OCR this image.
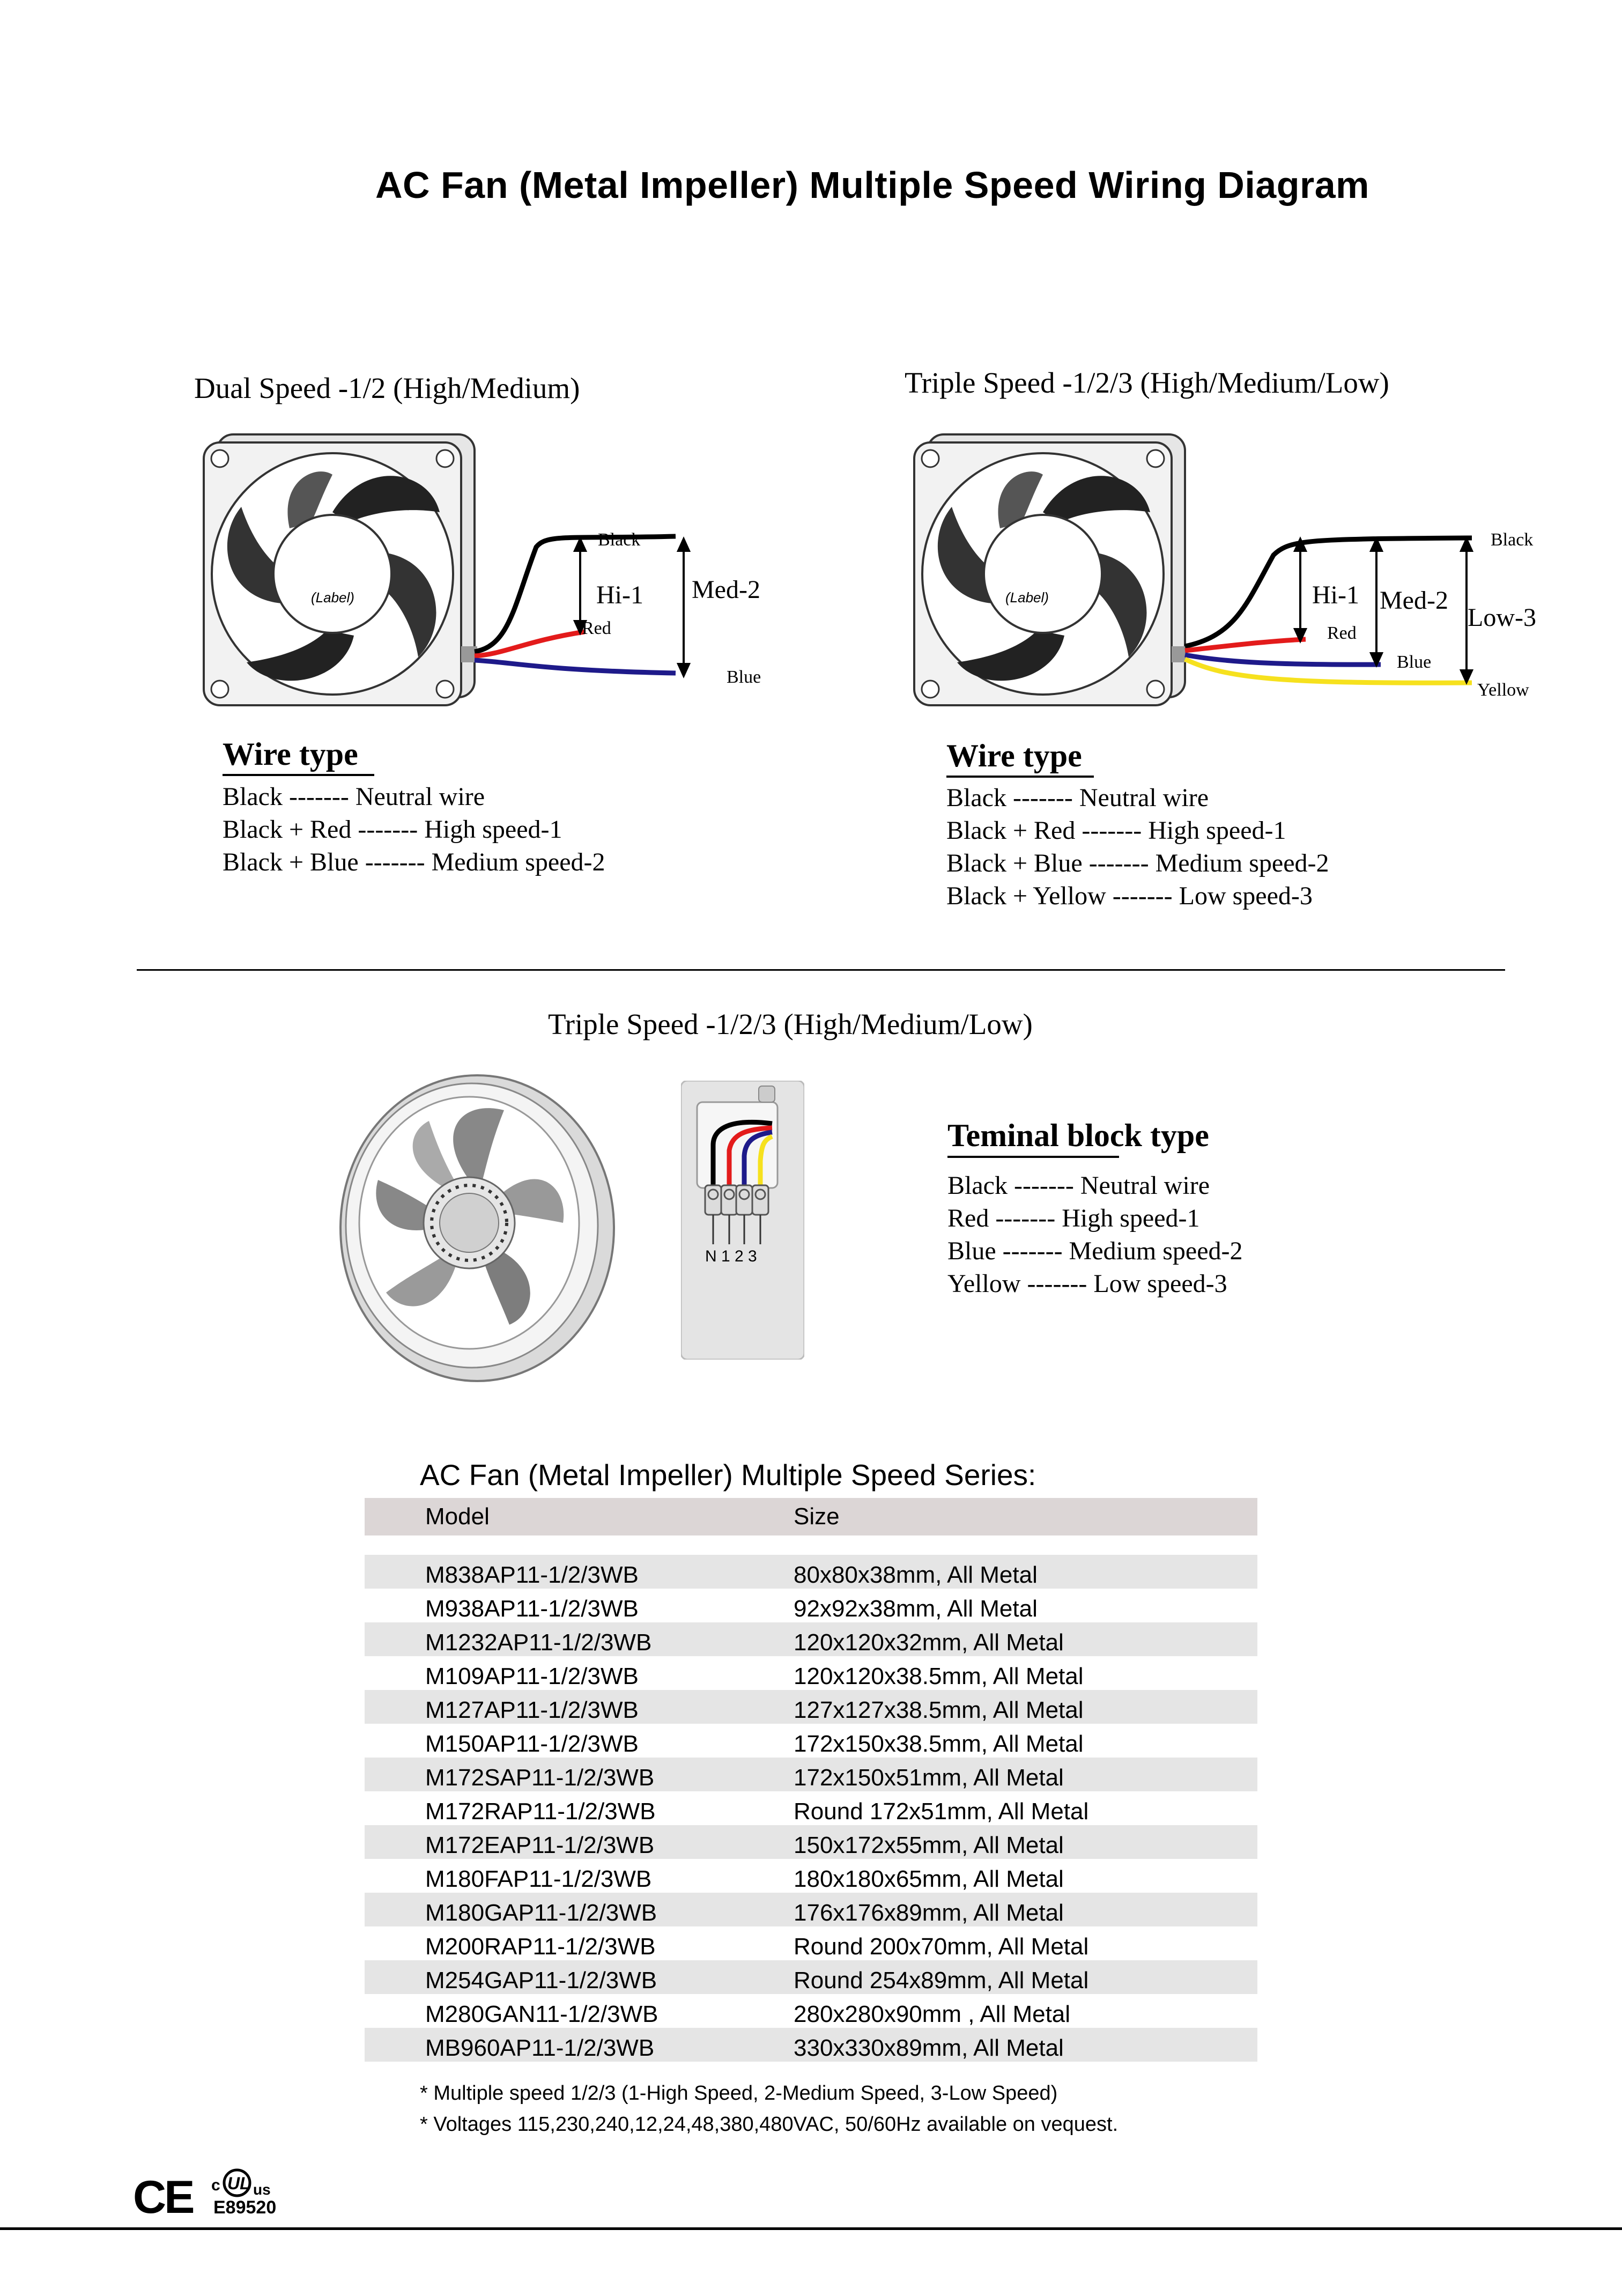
AC Fan (Metal Impeller) Multiple Speed Wiring Diagram
Dual Speed -1/2 (High/Medium)
(Label)
Black
Red
Blue
Hi-1 Med-2
Wire type
Black ------- Neutral wire
Black + Red ------- High speed-1
Black + Blue ------- Medium speed-2
Triple Speed -1/2/3 (High/Medium/Low)
(Label)
Black
Red
Blue
Yellow
Hi-1 Med-2
Low-3
Wire type
Black ------- Neutral wire
Black + Red ------- High speed-1
Black + Blue ------- Medium speed-2
Black + Yellow ------- Low speed-3
Triple Speed -1/2/3 (High/Medium/Low)
N 1 2 3
Teminal block type
Black ------- Neutral wire
Red ------- High speed-1
Blue ------- Medium speed-2
Yellow ------- Low speed-3
AC Fan (Metal Impeller) Multiple Speed Series:
Model	Size

M838AP11-1/2/3WB	80x80x38mm, All Metal
M938AP11-1/2/3WB	92x92x38mm, All Metal
M1232AP11-1/2/3WB	120x120x32mm, All Metal
M109AP11-1/2/3WB	120x120x38.5mm, All Metal
M127AP11-1/2/3WB	127x127x38.5mm, All Metal
M150AP11-1/2/3WB	172x150x38.5mm, All Metal
M172SAP11-1/2/3WB	172x150x51mm, All Metal
M172RAP11-1/2/3WB	Round 172x51mm, All Metal
M172EAP11-1/2/3WB	150x172x55mm, All Metal
M180FAP11-1/2/3WB	180x180x65mm, All Metal
M180GAP11-1/2/3WB	176x176x89mm, All Metal
M200RAP11-1/2/3WB	Round 200x70mm, All Metal
M254GAP11-1/2/3WB	Round 254x89mm, All Metal
M280GAN11-1/2/3WB	280x280x90mm , All Metal
MB960AP11-1/2/3WB	330x330x89mm, All Metal
* Multiple speed 1/2/3 (1-High Speed, 2-Medium Speed, 3-Low Speed)
* Voltages 115,230,240,12,24,48,380,480VAC, 50/60Hz available on vequest.
CE c UL us
E89520
